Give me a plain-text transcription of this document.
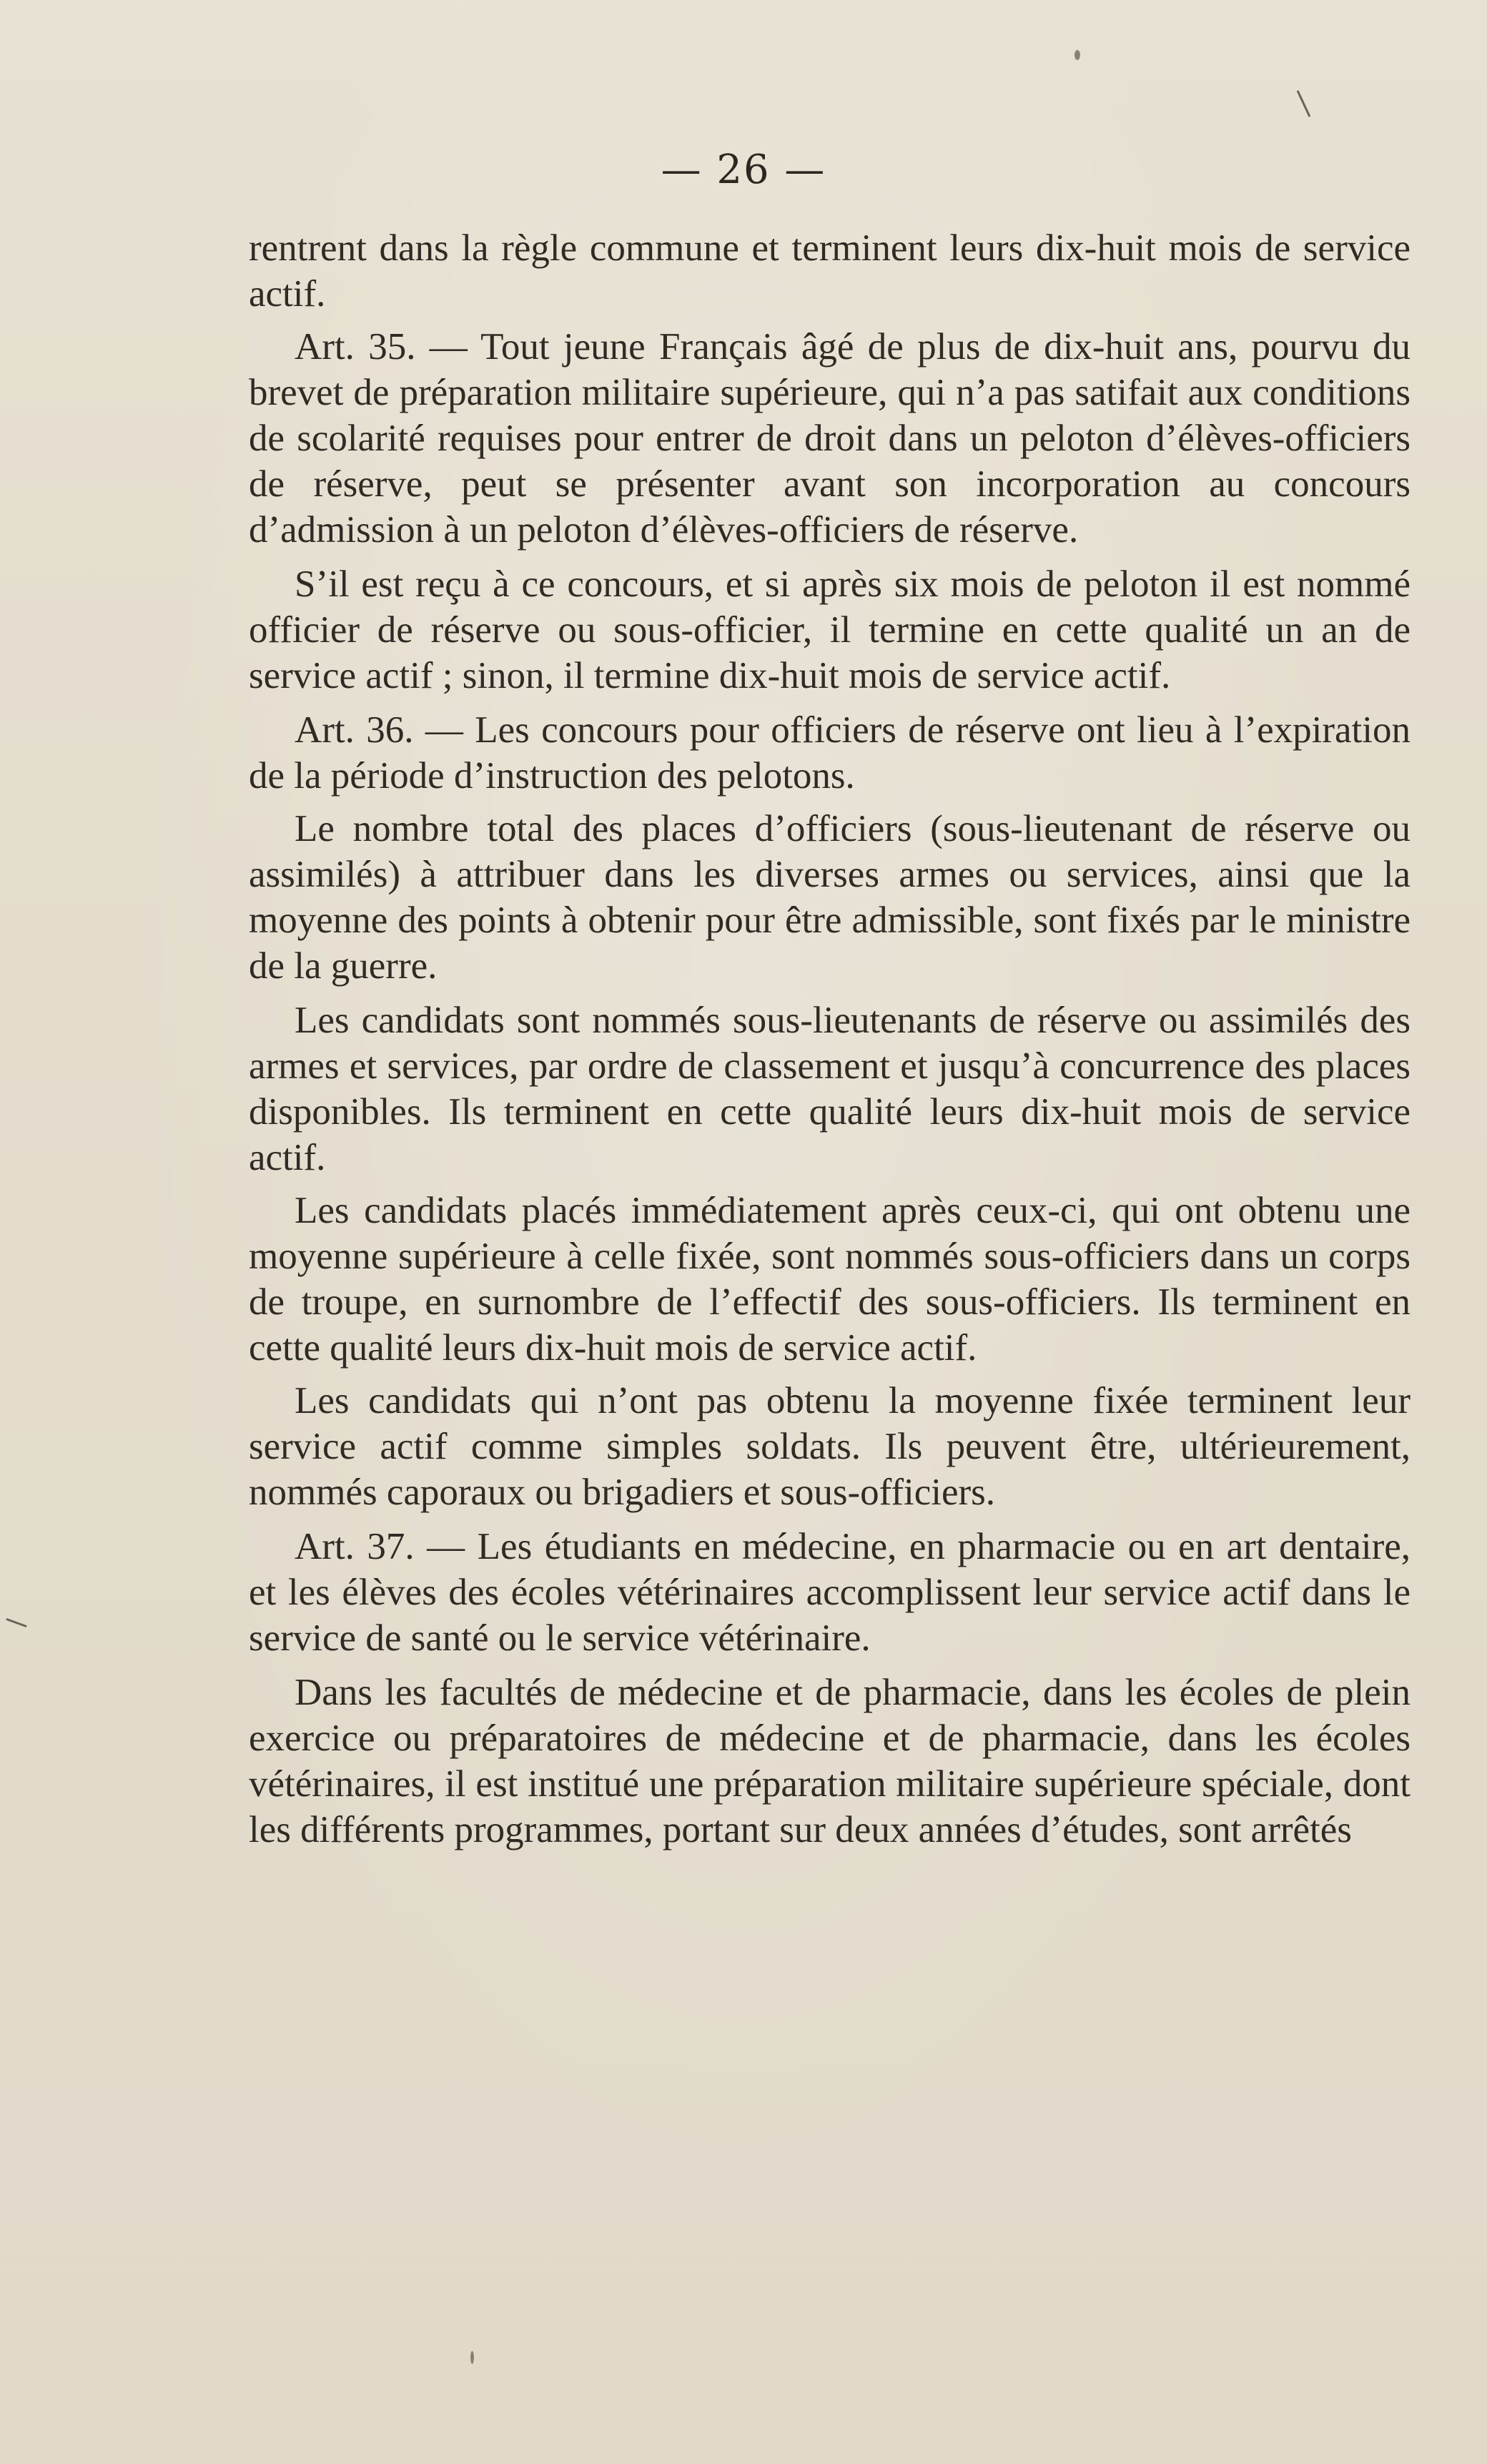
— 26 —

rentrent dans la règle commune et terminent leurs dix-huit mois de service actif.

Art. 35. — Tout jeune Français âgé de plus de dix-huit ans, pourvu du brevet de préparation militaire supérieure, qui n’a pas satifait aux conditions de scolarité requises pour entrer de droit dans un peloton d’élèves-officiers de réserve, peut se présenter avant son incorporation au concours d’admission à un peloton d’élèves-officiers de réserve.

S’il est reçu à ce concours, et si après six mois de peloton il est nommé officier de réserve ou sous-officier, il termine en cette qualité un an de service actif ; sinon, il termine dix-huit mois de service actif.

Art. 36. — Les concours pour officiers de réserve ont lieu à l’expiration de la période d’instruction des pelotons.

Le nombre total des places d’officiers (sous-lieutenant de réserve ou assimilés) à attribuer dans les diverses armes ou services, ainsi que la moyenne des points à obtenir pour être admissible, sont fixés par le ministre de la guerre.

Les candidats sont nommés sous-lieutenants de réserve ou assimilés des armes et services, par ordre de classement et jusqu’à concurrence des places disponibles. Ils terminent en cette qualité leurs dix-huit mois de service actif.

Les candidats placés immédiatement après ceux-ci, qui ont obtenu une moyenne supérieure à celle fixée, sont nommés sous-officiers dans un corps de troupe, en surnombre de l’effectif des sous-officiers. Ils terminent en cette qualité leurs dix-huit mois de service actif.

Les candidats qui n’ont pas obtenu la moyenne fixée terminent leur service actif comme simples soldats. Ils peuvent être, ultérieurement, nommés caporaux ou brigadiers et sous-officiers.

Art. 37. — Les étudiants en médecine, en pharmacie ou en art dentaire, et les élèves des écoles vétérinaires accomplissent leur service actif dans le service de santé ou le service vétérinaire.

Dans les facultés de médecine et de pharmacie, dans les écoles de plein exercice ou préparatoires de médecine et de pharmacie, dans les écoles vétérinaires, il est institué une préparation militaire supérieure spéciale, dont les différents programmes, portant sur deux années d’études, sont arrêtés
